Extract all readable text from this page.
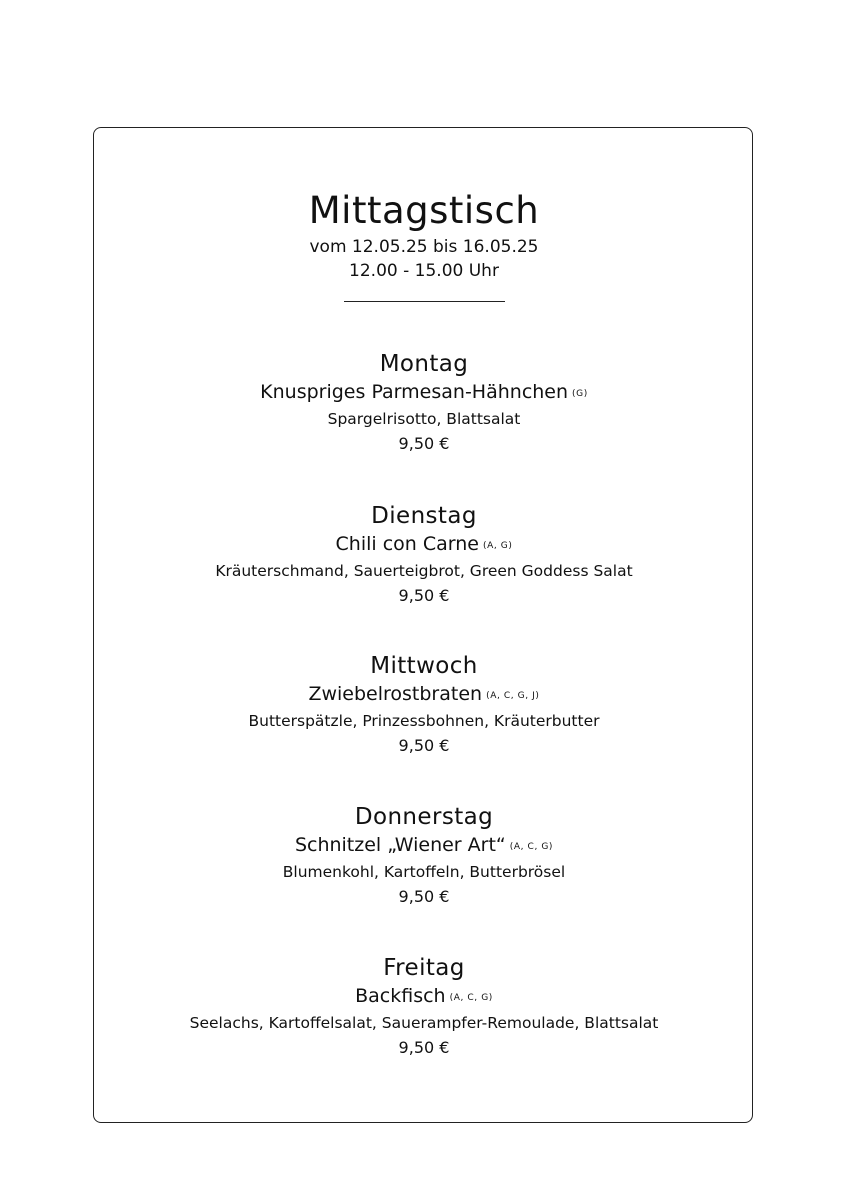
Mittagstisch
vom 12.05.25 bis 16.05.25
12.00 - 15.00 Uhr
Montag
Knuspriges Parmesan-Hähnchen (G)
Spargelrisotto, Blattsalat
9,50 €
Dienstag
Chili con Carne (A, G)
Kräuterschmand, Sauerteigbrot, Green Goddess Salat
9,50 €
Mittwoch
Zwiebelrostbraten (A, C, G, J)
Butterspätzle, Prinzessbohnen, Kräuterbutter
9,50 €
Donnerstag
Schnitzel „Wiener Art“ (A, C, G)
Blumenkohl, Kartoffeln, Butterbrösel
9,50 €
Freitag
Backfisch (A, C, G)
Seelachs, Kartoffelsalat, Sauerampfer-Remoulade, Blattsalat
9,50 €
